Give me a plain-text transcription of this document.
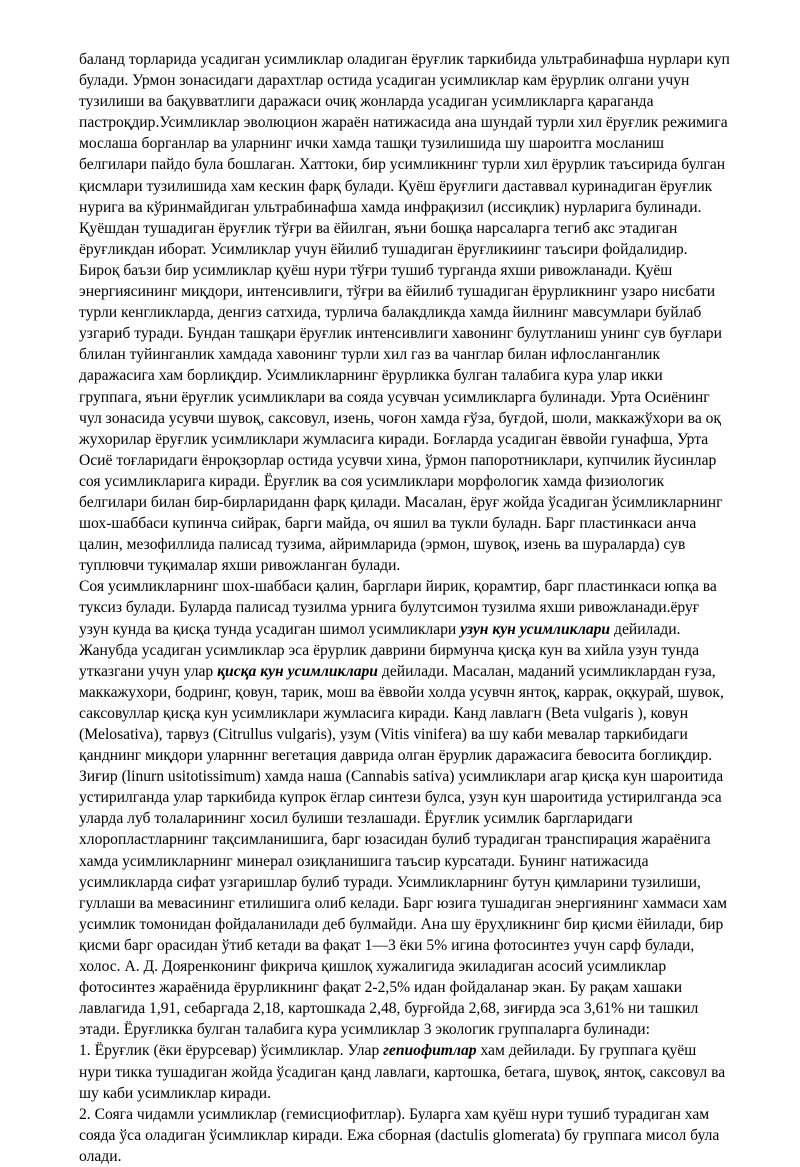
баланд торларида усадиган усимликлар оладиган ёруғлик таркибида ультрабинафша нурлари куп
булади. Урмон зонасидаги дарахтлар остида усадиган усимликлар кам ёрурлик олгани учун
тузилиши ва бақувватлиги даражаси очиқ жонларда усадиган усимликларга қараганда
пастроқдир.Усимликлар эволюцион жараён натижасида ана шундай турли хил ёруғлик режимига
мослаша борганлар ва уларнинг ички хамда ташқи тузилишида шу шароитга мосланиш
белгилари пайдо була бошлаган. Хаттоки, бир усимликнинг турли хил ёрурлик таъсирида булган
қисмлари тузилишида хам кескин фарқ булади. Қуёш ёруғлиги даставвал куринадиган ёруғлик
нурига ва кўринмайдиган ультрабинафша хамда инфрақизил (иссиқлик) нурларига булинади.
Қуёшдан тушадиган ёруғлик тўғри ва ёйилган, яъни бошқа нарсаларга тегиб акс этадиган
ёруғликдан иборат. Усимликлар учун ёйилиб тушадиган ёруғликиинг таъсири фойдалидир.
Бироқ баъзи бир усимликлар қуёш нури тўғри тушиб турганда яхши ривожланади. Қуёш
энергиясининг миқдори, интенсивлиги, тўғри ва ёйилиб тушадиган ёрурликнинг узаро нисбати
турли кенгликларда, денгиз сатхида, турлича балакдликда хамда йилнинг мавсумлари буйлаб
узгариб туради. Бундан ташқари ёруғлик интенсивлиги хавонинг булутланиш унинг сув буғлари
блилан туйинганлик хамдада хавонинг турли хил газ ва чанглар билан ифлосланганлик
даражасига хам борлиқдир. Усимликларнинг ёрурликка булган талабига кура улар икки
группага, яъни ёруғлик усимликлари ва сояда усувчан усимликларга булинади. Урта Осиёнинг
чул зонасида усувчи шувоқ, саксовул, изень, чоғон хамда ғўза, буғдой, шоли, маккажўхори ва оқ
жухорилар ёруғлик усимликлари жумласига киради. Боғларда усадиган ёввойи гунафша, Урта
Осиё тоғларидаги ёнроқзорлар остида усувчи хина, ўрмон папоротниклари, купчилик йусинлар
соя усимликларига киради. Ёруғлик ва соя усимликлари морфологик хамда физиологик
белгилари билан бир-бирлариданн фарқ қилади. Масалан, ёруғ жойда ўсадиган ўсимликларнинг
шох-шаббаси купинча сийрак, барги майда, оч яшил ва тукли буладн. Барг пластинкаси анча
цалин, мезофиллида палисад тузима, айримларида (эрмон, шувоқ, изень ва шураларда) сув
туплювчи туқималар яхши ривожланган булади.
Соя усимликларнинг шох-шаббаси қалин, барглари йирик, қорамтир, барг пластинкаси юпқа ва
туксиз булади. Буларда палисад тузилма урнига булутсимон тузилма яхши ривожланади.ёруғ
узун кунда ва қисқа тунда усадиган шимол усимликлари узун кун усимликлари дейилади.
Жанубда усадиган усимликлар эса ёрурлик даврини бирмунча қисқа кун ва хийла узун тунда
утказгани учун улар қисқа кун усимликлари дейилади. Масалан, маданий усимликлардан ғуза,
маккажухори, бодринг, қовун, тарик, мош ва ёввойи холда усувчн янтоқ, каррак, оқкурай, шувок,
саксовуллар қисқа кун усимликлари жумласига киради. Канд лавлагн (Beta vulgaris ), ковун
(Melosativa), тарвуз (Citrullus vulgaris), узум (Vitis vinifera) ва шу каби мевалар таркибидаги
қанднинг миқдори уларнннг вегетация даврида олган ёрурлик даражасига бевосита боглиқдир.
Зиғир (linurn usitotissimum) хамда наша (Cannabis sativa) усимликлари агар қисқа кун шароитида
устирилганда улар таркибида купрок ёглар синтези булса, узун кун шароитида устирилганда эса
уларда луб толаларининг хосил булиши тезлашади. Ёруғлик усимлик баргларидаги
хлоропластларнинг тақсимланишига, барг юзасидан булиб турадиган транспирация жараёнига
хамда усимликларнинг минерал озиқланишига таъсир курсатади. Бунинг натижасида
усимликларда сифат узгаришлар булиб туради. Усимликларнинг бутун қимларини тузилиши,
гуллаши ва мевасининг етилишига олиб келади. Барг юзига тушадиган энергиянинг хаммаси хам
усимлик томонидан фойдаланилади деб булмайди. Ана шу ёруҳликнинг бир қисми ёйилади, бир
қисми барг орасидан ўтиб кетади ва фақат 1—3 ёки 5% игина фотосинтез учун сарф булади,
холос. А. Д. Дояренконинг фикрича қишлоқ хужалигида экиладиган асосий усимликлар
фотосинтез жараёнида ёрурликнинг фақат 2-2,5% идан фойдаланар экан. Бу рақам хашаки
лавлагида 1,91, себаргада 2,18, картошкада 2,48, бурғойда 2,68, зиғирда эса 3,61% ни ташкил
этади. Ёруғликка булган талабига кура усимликлар 3 экологик группаларга булинади:
1. Ёруғлик (ёки ёрурсевар) ўсимликлар. Улар гепиофитлар хам дейилади. Бу группага қуёш
нури тикка тушадиган жойда ўсадиган қанд лавлаги, картошка, бетага, шувоқ, янтоқ, саксовул ва
шу каби усимликлар киради.
2. Сояга чидамли усимликлар (гемисциофитлар). Буларга хам қуёш нури тушиб турадиган хам
сояда ўса оладиган ўсимликлар киради. Ежа сборная (dactulis glomerata) бу группага мисол була
олади.
